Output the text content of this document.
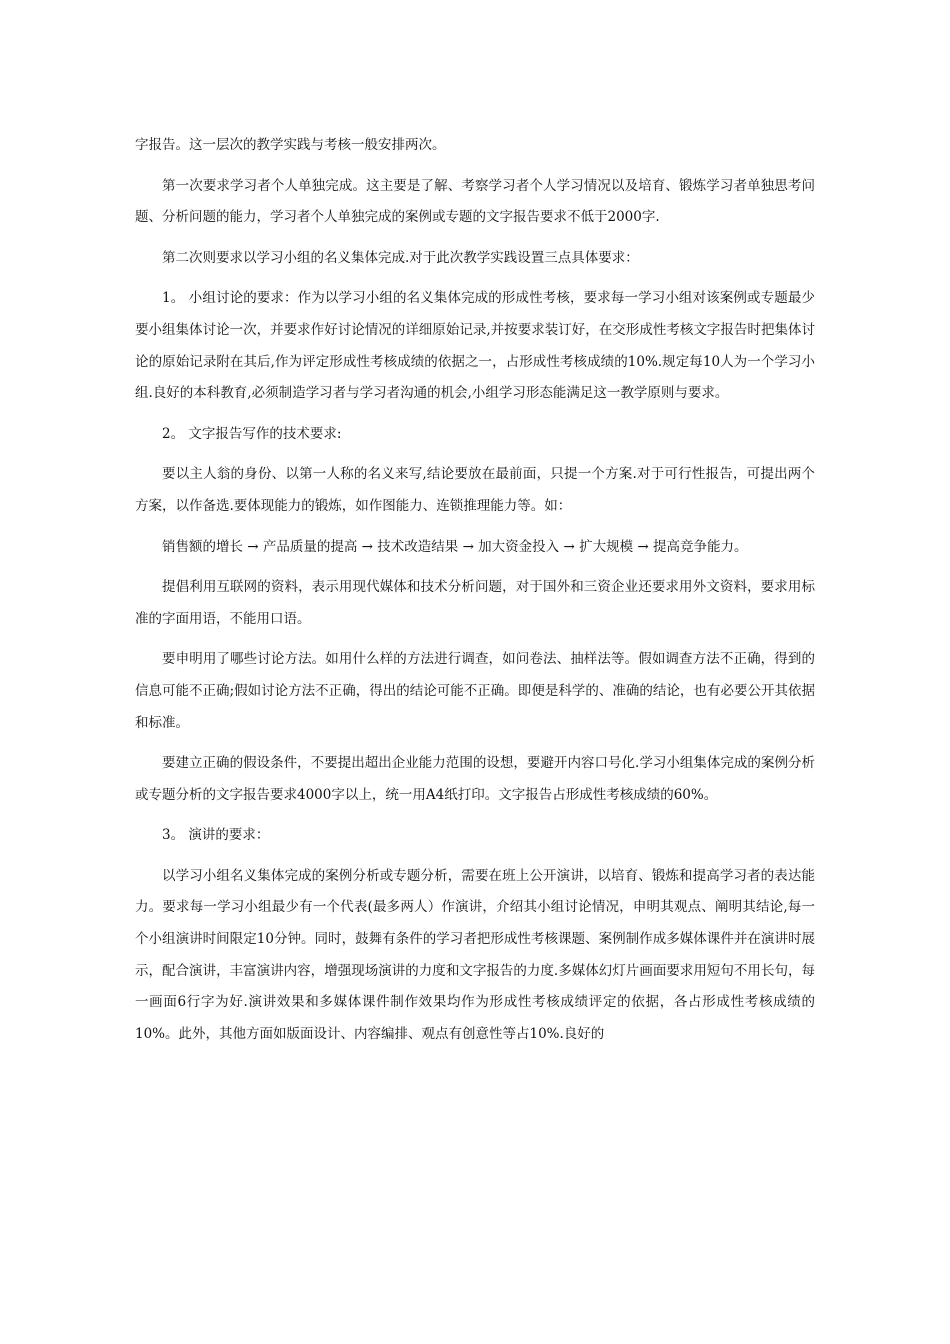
字报告。这一层次的教学实践与考核一般安排两次。

第一次要求学习者个人单独完成。这主要是了解、考察学习者个人学习情况以及培育、锻炼学习者单独思考问题、分析问题的能力，学习者个人单独完成的案例或专题的文字报告要求不低于2000字.

第二次则要求以学习小组的名义集体完成.对于此次教学实践设置三点具体要求：

1。 小组讨论的要求：作为以学习小组的名义集体完成的形成性考核，要求每一学习小组对该案例或专题最少要小组集体讨论一次，并要求作好讨论情况的详细原始记录,并按要求装订好，在交形成性考核文字报告时把集体讨论的原始记录附在其后,作为评定形成性考核成绩的依据之一，占形成性考核成绩的10%.规定每10人为一个学习小组.良好的本科教育,必须制造学习者与学习者沟通的机会,小组学习形态能满足这一教学原则与要求。

2。 文字报告写作的技术要求:

要以主人翁的身份、以第一人称的名义来写,结论要放在最前面，只提一个方案.对于可行性报告，可提出两个方案，以作备选.要体现能力的锻炼，如作图能力、连锁推理能力等。如：

销售额的增长 → 产品质量的提高 → 技术改造结果 → 加大资金投入 → 扩大规模 → 提高竞争能力。

提倡利用互联网的资料，表示用现代媒体和技术分析问题，对于国外和三资企业还要求用外文资料，要求用标准的字面用语，不能用口语。

要申明用了哪些讨论方法。如用什么样的方法进行调查，如问卷法、抽样法等。假如调查方法不正确，得到的信息可能不正确;假如讨论方法不正确，得出的结论可能不正确。即便是科学的、准确的结论，也有必要公开其依据和标准。

要建立正确的假设条件，不要提出超出企业能力范围的设想，要避开内容口号化.学习小组集体完成的案例分析或专题分析的文字报告要求4000字以上，统一用A4纸打印。文字报告占形成性考核成绩的60%。

3。 演讲的要求：

以学习小组名义集体完成的案例分析或专题分析，需要在班上公开演讲，以培育、锻炼和提高学习者的表达能力。要求每一学习小组最少有一个代表(最多两人）作演讲，介绍其小组讨论情况，申明其观点、阐明其结论,每一个小组演讲时间限定10分钟。同时，鼓舞有条件的学习者把形成性考核课题、案例制作成多媒体课件并在演讲时展示，配合演讲，丰富演讲内容，增强现场演讲的力度和文字报告的力度.多媒体幻灯片画面要求用短句不用长句，每一画面6行字为好.演讲效果和多媒体课件制作效果均作为形成性考核成绩评定的依据，各占形成性考核成绩的10%。此外，其他方面如版面设计、内容编排、观点有创意性等占10%.良好的
